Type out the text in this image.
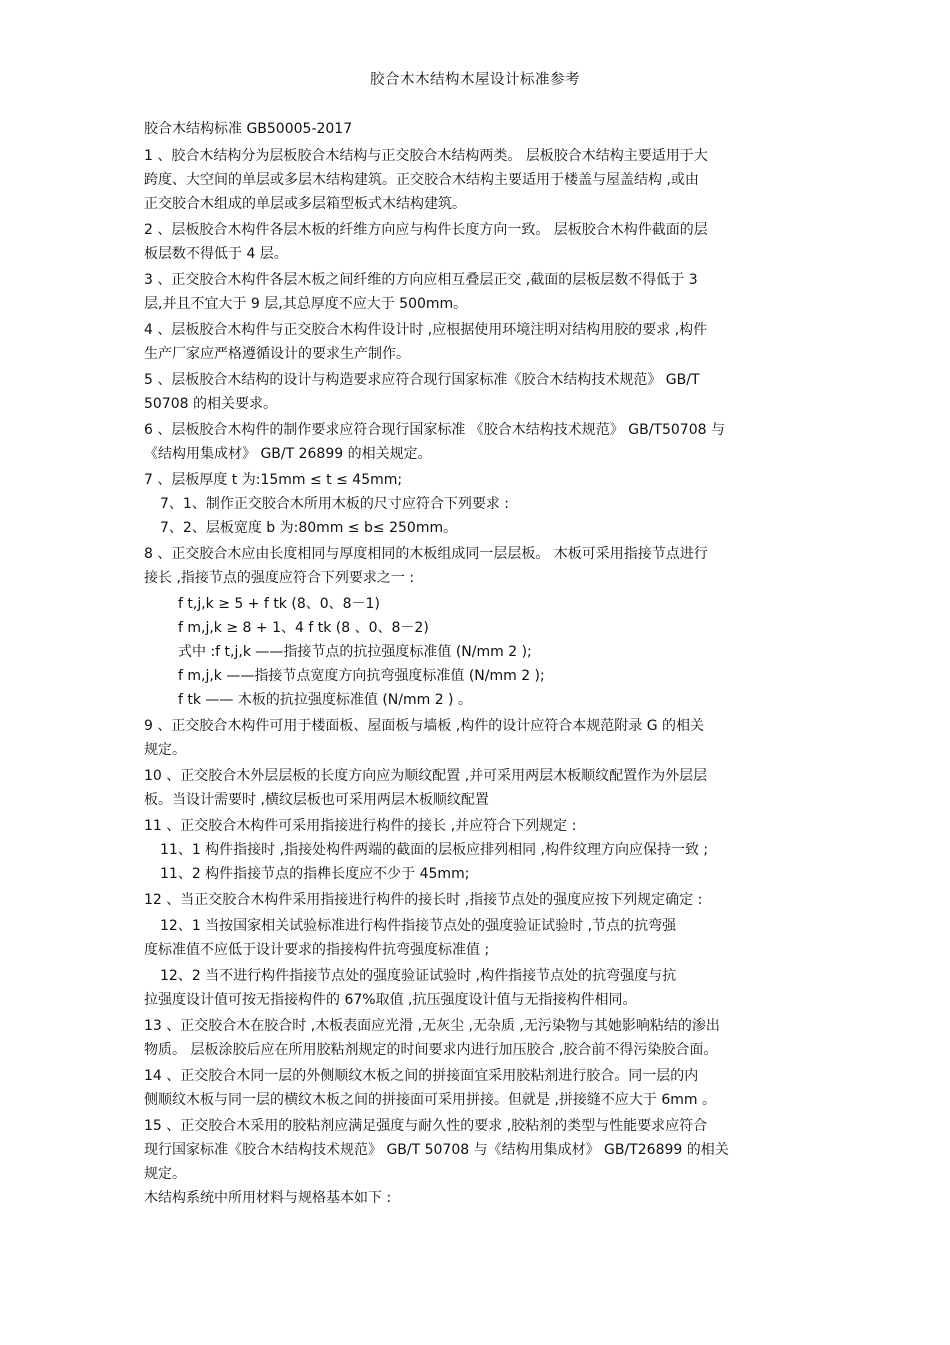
胶合木木结构木屋设计标准参考

胶合木结构标准 GB50005-2017

1 、胶合木结构分为层板胶合木结构与正交胶合木结构两类。 层板胶合木结构主要适用于大

跨度、大空间的单层或多层木结构建筑。正交胶合木结构主要适用于楼盖与屋盖结构 ,或由

正交胶合木组成的单层或多层箱型板式木结构建筑。

2 、层板胶合木构件各层木板的纤维方向应与构件长度方向一致。 层板胶合木构件截面的层

板层数不得低于 4 层。

3 、正交胶合木构件各层木板之间纤维的方向应相互叠层正交 ,截面的层板层数不得低于 3

层,并且不宜大于 9 层,其总厚度不应大于 500mm。

4 、层板胶合木构件与正交胶合木构件设计时 ,应根据使用环境注明对结构用胶的要求 ,构件

生产厂家应严格遵循设计的要求生产制作。

5 、层板胶合木结构的设计与构造要求应符合现行国家标准《胶合木结构技术规范》 GB/T

50708 的相关要求。

6 、层板胶合木构件的制作要求应符合现行国家标准 《胶合木结构技术规范》 GB/T50708 与

《结构用集成材》 GB/T 26899 的相关规定。

7 、层板厚度 t 为:15mm ≤ t ≤ 45mm;

7、1、制作正交胶合木所用木板的尺寸应符合下列要求 :

7、2、层板宽度 b 为:80mm ≤ b≤ 250mm。

8 、正交胶合木应由长度相同与厚度相同的木板组成同一层层板。 木板可采用指接节点进行

接长 ,指接节点的强度应符合下列要求之一 :

f t,j,k ≥ 5 + f tk (8、0、8－1)

f m,j,k ≥ 8 + 1、4 f tk (8 、0、8－2)

式中 :f t,j,k ——指接节点的抗拉强度标准值 (N/mm 2 );

f m,j,k ——指接节点宽度方向抗弯强度标准值 (N/mm 2 );

f tk —— 木板的抗拉强度标准值 (N/mm 2 ) 。

9 、正交胶合木构件可用于楼面板、屋面板与墙板 ,构件的设计应符合本规范附录 G 的相关

规定。

10 、正交胶合木外层层板的长度方向应为顺纹配置 ,并可采用两层木板顺纹配置作为外层层

板。当设计需要时 ,横纹层板也可采用两层木板顺纹配置

11 、正交胶合木构件可采用指接进行构件的接长 ,并应符合下列规定 :

11、1 构件指接时 ,指接处构件两端的截面的层板应排列相同 ,构件纹理方向应保持一致 ;

11、2 构件指接节点的指榫长度应不少于 45mm;

12 、当正交胶合木构件采用指接进行构件的接长时 ,指接节点处的强度应按下列规定确定 :

12、1 当按国家相关试验标准进行构件指接节点处的强度验证试验时 ,节点的抗弯强

度标准值不应低于设计要求的指接构件抗弯强度标准值 ;

12、2 当不进行构件指接节点处的强度验证试验时 ,构件指接节点处的抗弯强度与抗

拉强度设计值可按无指接构件的 67%取值 ,抗压强度设计值与无指接构件相同。

13 、正交胶合木在胶合时 ,木板表面应光滑 ,无灰尘 ,无杂质 ,无污染物与其她影响粘结的渗出

物质。 层板涂胶后应在所用胶粘剂规定的时间要求内进行加压胶合 ,胶合前不得污染胶合面。

14 、正交胶合木同一层的外侧顺纹木板之间的拼接面宜采用胶粘剂进行胶合。同一层的内

侧顺纹木板与同一层的横纹木板之间的拼接面可采用拼接。但就是 ,拼接缝不应大于 6mm 。

15 、正交胶合木采用的胶粘剂应满足强度与耐久性的要求 ,胶粘剂的类型与性能要求应符合

现行国家标准《胶合木结构技术规范》 GB/T 50708 与《结构用集成材》 GB/T26899 的相关

规定。

木结构系统中所用材料与规格基本如下 :
